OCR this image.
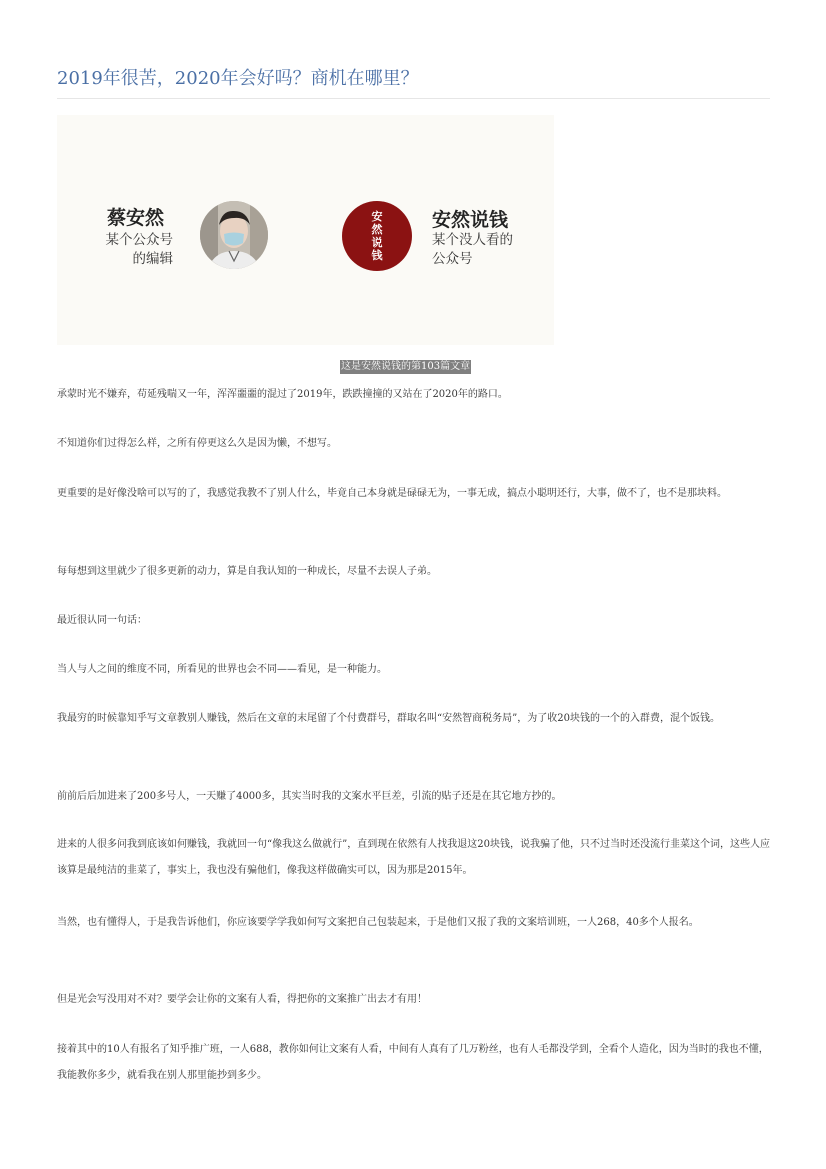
2019年很苦，2020年会好吗？商机在哪里？
蔡安然
某个公众号
的编辑
安然说钱
安然说钱
某个没人看的
公众号
这是安然说钱的第103篇文章

承蒙时光不嫌弃，苟延残喘又一年，浑浑噩噩的混过了2019年，跌跌撞撞的又站在了2020年的路口。

不知道你们过得怎么样，之所有停更这么久是因为懒，不想写。

更重要的是好像没啥可以写的了，我感觉我教不了别人什么，毕竟自己本身就是碌碌无为，一事无成，搞点小聪明还行，大事，做不了，也不是那块料。

每每想到这里就少了很多更新的动力，算是自我认知的一种成长，尽量不去误人子弟。

最近很认同一句话：

当人与人之间的维度不同，所看见的世界也会不同——看见，是一种能力。

我最穷的时候靠知乎写文章教别人赚钱，然后在文章的末尾留了个付费群号，群取名叫“安然智商税务局”，为了收20块钱的一个的入群费，混个饭钱。

前前后后加进来了200多号人，一天赚了4000多，其实当时我的文案水平巨差，引流的贴子还是在其它地方抄的。

进来的人很多问我到底该如何赚钱，我就回一句“像我这么做就行”，直到现在依然有人找我退这20块钱，说我骗了他，只不过当时还没流行韭菜这个词，这些人应该算是最纯洁的韭菜了，事实上，我也没有骗他们，像我这样做确实可以，因为那是2015年。

当然，也有懂得人，于是我告诉他们，你应该要学学我如何写文案把自己包装起来，于是他们又报了我的文案培训班，一人268，40多个人报名。

但是光会写没用对不对？要学会让你的文案有人看，得把你的文案推广出去才有用！

接着其中的10人有报名了知乎推广班，一人688，教你如何让文案有人看，中间有人真有了几万粉丝，也有人毛都没学到，全看个人造化，因为当时的我也不懂，我能教你多少，就看我在别人那里能抄到多少。
